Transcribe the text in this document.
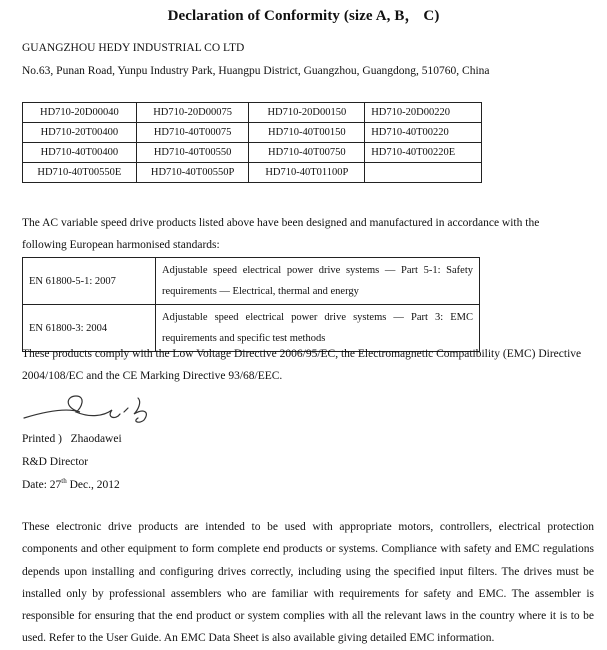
Declaration of Conformity (size A, B， C)
GUANGZHOU HEDY INDUSTRIAL CO LTD
No.63, Punan Road, Yunpu Industry Park, Huangpu District, Guangzhou, Guangdong, 510760, China
HD710-20D00040	HD710-20D00075	HD710-20D00150	HD710-20D00220
HD710-20T00400	HD710-40T00075	HD710-40T00150	HD710-40T00220
HD710-40T00400	HD710-40T00550	HD710-40T00750	HD710-40T00220E
HD710-40T00550E	HD710-40T00550P	HD710-40T01100P	
The AC variable speed drive products listed above have been designed and manufactured in accordance with the
following European harmonised standards:
EN 61800-5-1: 2007	Adjustable speed electrical power drive systems — Part 5-1: Safety requirements — Electrical, thermal and energy
EN 61800-3: 2004	Adjustable speed electrical power drive systems — Part 3: EMC requirements and specific test methods
These products comply with the Low Voltage Directive 2006/95/EC, the Electromagnetic Compatibility (EMC) Directive
2004/108/EC and the CE Marking Directive 93/68/EEC.
Printed ) Zhaodawei
R&D Director
Date: 27th Dec., 2012
These electronic drive products are intended to be used with appropriate motors, controllers, electrical protection components and other equipment to form complete end products or systems. Compliance with safety and EMC regulations depends upon installing and configuring drives correctly, including using the specified input filters. The drives must be installed only by professional assemblers who are familiar with requirements for safety and EMC. The assembler is responsible for ensuring that the end product or system complies with all the relevant laws in the country where it is to be used. Refer to the User Guide. An EMC Data Sheet is also available giving detailed EMC information.
